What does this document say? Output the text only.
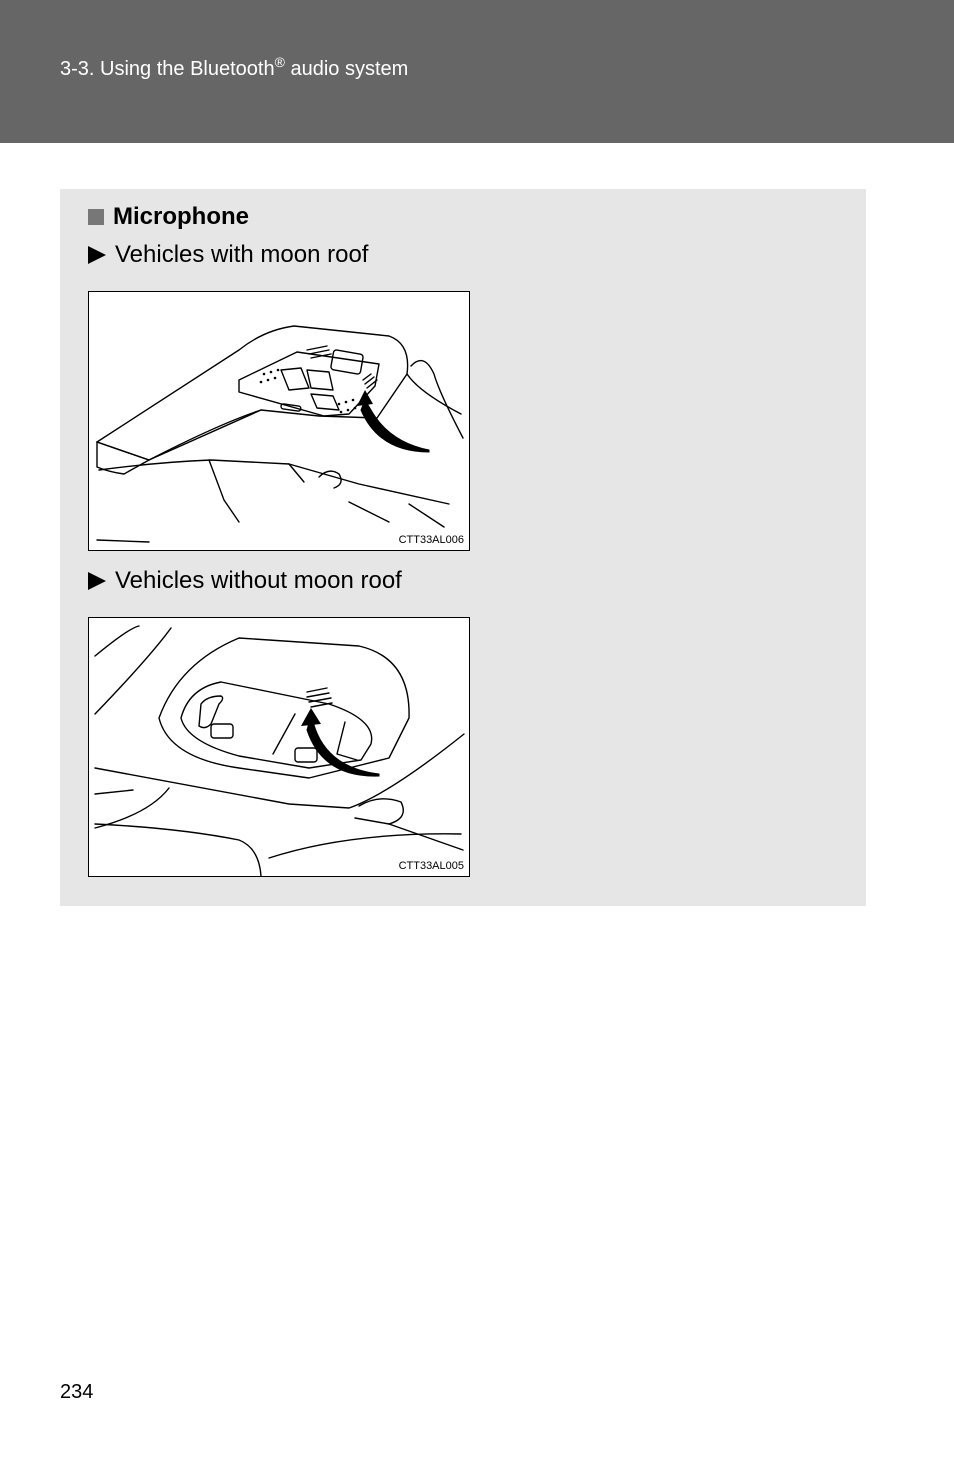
3-3. Using the Bluetooth® audio system
Microphone
Vehicles with moon roof
CTT33AL006
Vehicles without moon roof
CTT33AL005
234
